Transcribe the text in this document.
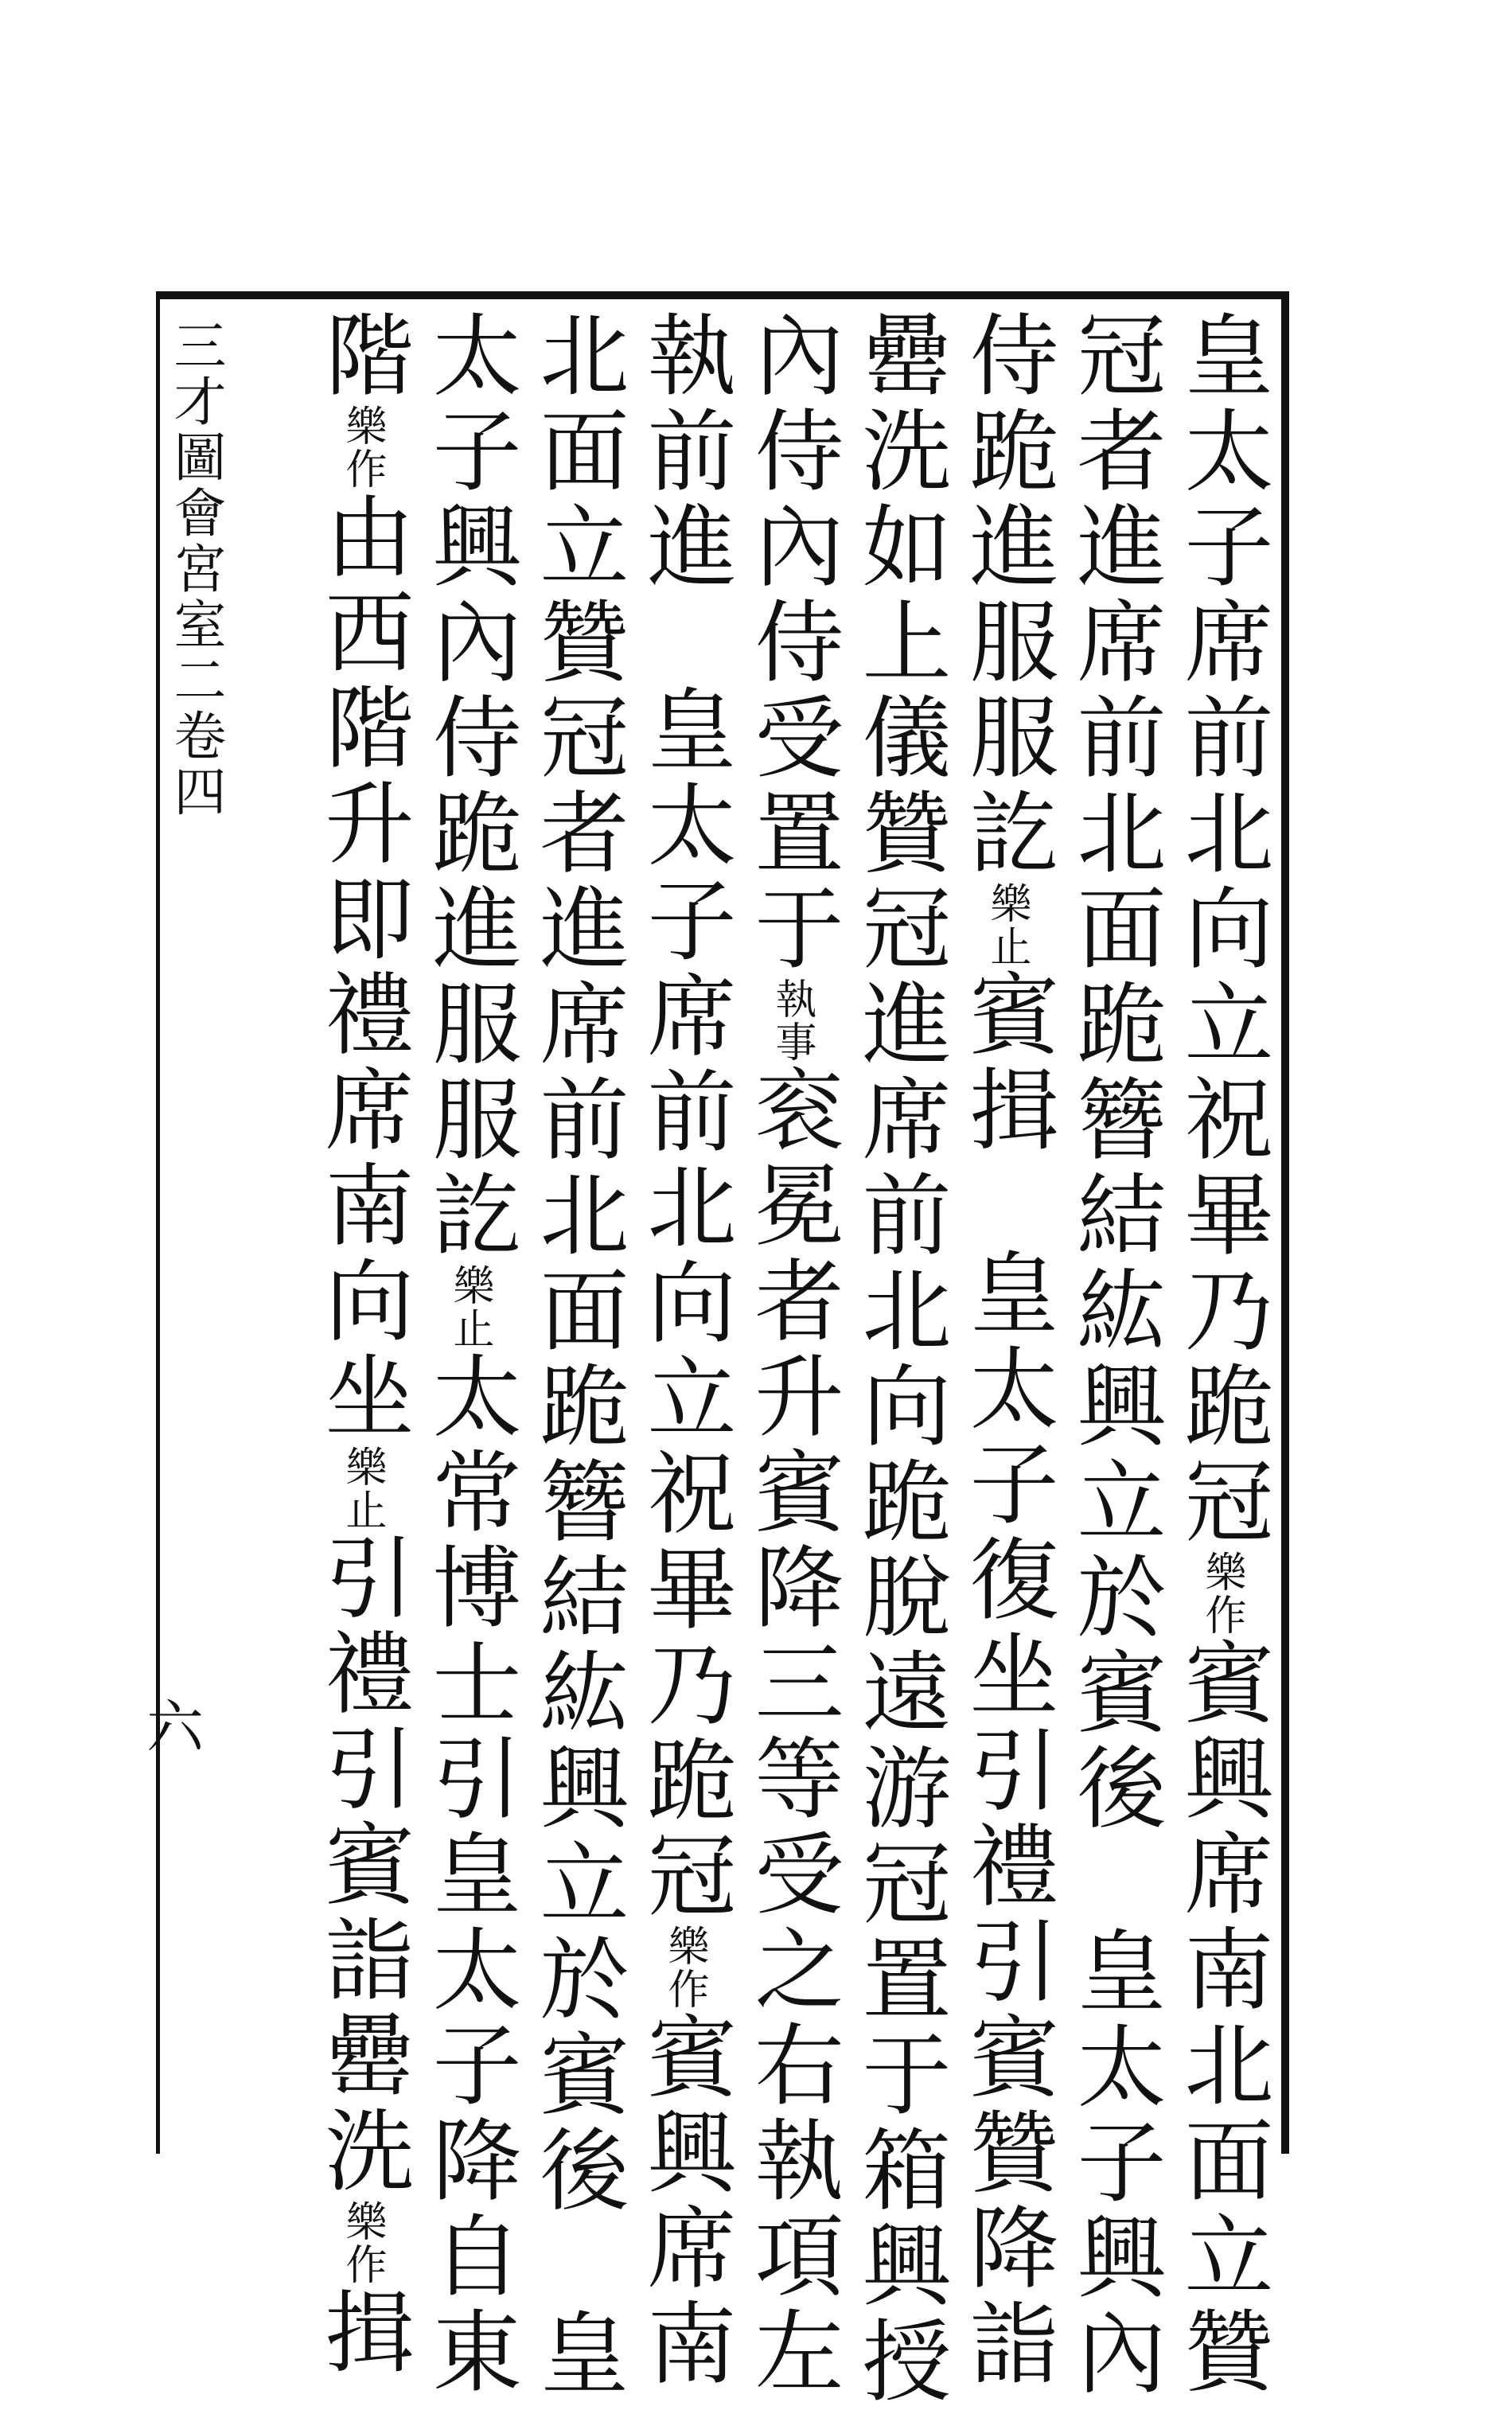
皇太子席前北向立祝畢乃跪冠樂作賓興席南北面立贊
冠者進席前北面跪簪結紘興立於賓後皇太子興內
侍跪進服服訖樂止賓揖皇太子復坐引禮引賓贊降詣
罍洗如上儀贊冠進席前北向跪脫遠游冠置于箱興授
內侍內侍受置于執事衮冕者升賓降三等受之右執項左
執前進皇太子席前北向立祝畢乃跪冠樂作賓興席南
北面立贊冠者進席前北面跪簪結紘興立於賓後皇
太子興內侍跪進服服訖樂止太常博士引皇太子降自東
階樂作由西階升即禮席南向坐樂止引禮引賓詣罍洗樂作揖
三才圖會宮室二卷四
六
